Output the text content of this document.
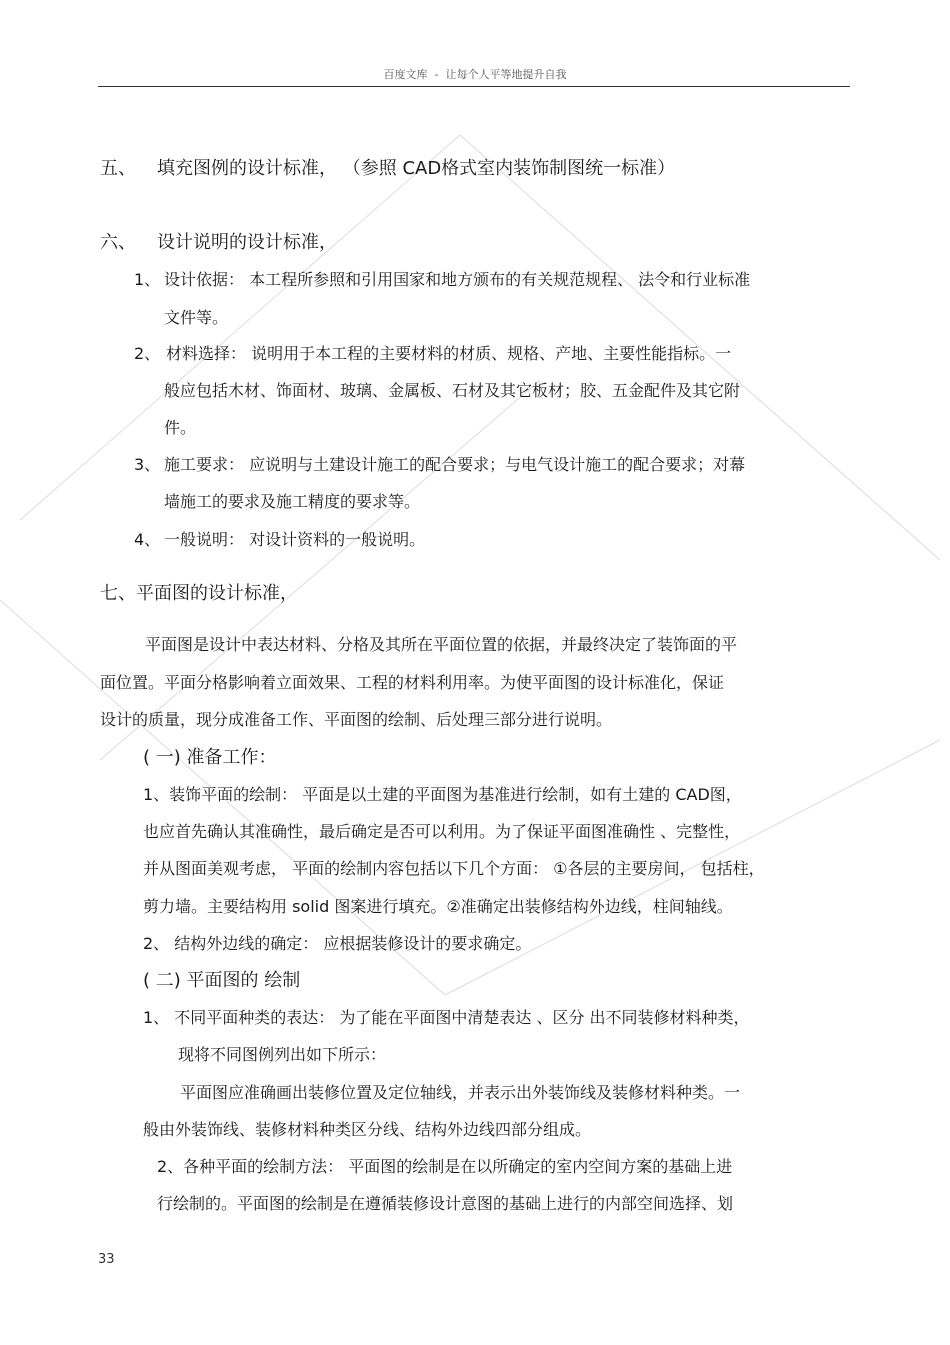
百度文库  -  让每个人平等地提升自我
五、 填充图例的设计标准， （参照 CAD格式室内装饰制图统一标准）
六、 设计说明的设计标准，
1、 设计依据： 本工程所参照和引用国家和地方颁布的有关规范规程、 法令和行业标准
文件等。
2、 材料选择： 说明用于本工程的主要材料的材质、规格、产地、主要性能指标。一
般应包括木材、饰面材、玻璃、金属板、石材及其它板材；胶、五金配件及其它附
件。
3、 施工要求： 应说明与土建设计施工的配合要求；与电气设计施工的配合要求；对幕
墙施工的要求及施工精度的要求等。
4、 一般说明： 对设计资料的一般说明。
七、平面图的设计标准，
平面图是设计中表达材料、分格及其所在平面位置的依据，并最终决定了装饰面的平
面位置。平面分格影响着立面效果、工程的材料利用率。为使平面图的设计标准化，保证
设计的质量，现分成准备工作、平面图的绘制、后处理三部分进行说明。
( 一) 准备工作：
1、装饰平面的绘制： 平面是以土建的平面图为基准进行绘制，如有土建的 CAD图，
也应首先确认其准确性，最后确定是否可以利用。为了保证平面图准确性 、完整性，
并从图面美观考虑， 平面的绘制内容包括以下几个方面： ①各层的主要房间， 包括柱，
剪力墙。主要结构用 solid 图案进行填充。②准确定出装修结构外边线，柱间轴线。
2、 结构外边线的确定： 应根据装修设计的要求确定。
( 二) 平面图的 绘制
1、 不同平面种类的表达： 为了能在平面图中清楚表达 、区分 出不同装修材料种类，
现将不同图例列出如下所示：
平面图应准确画出装修位置及定位轴线，并表示出外装饰线及装修材料种类。一
般由外装饰线、装修材料种类区分线、结构外边线四部分组成。
2、各种平面的绘制方法： 平面图的绘制是在以所确定的室内空间方案的基础上进
行绘制的。平面图的绘制是在遵循装修设计意图的基础上进行的内部空间选择、划
33
